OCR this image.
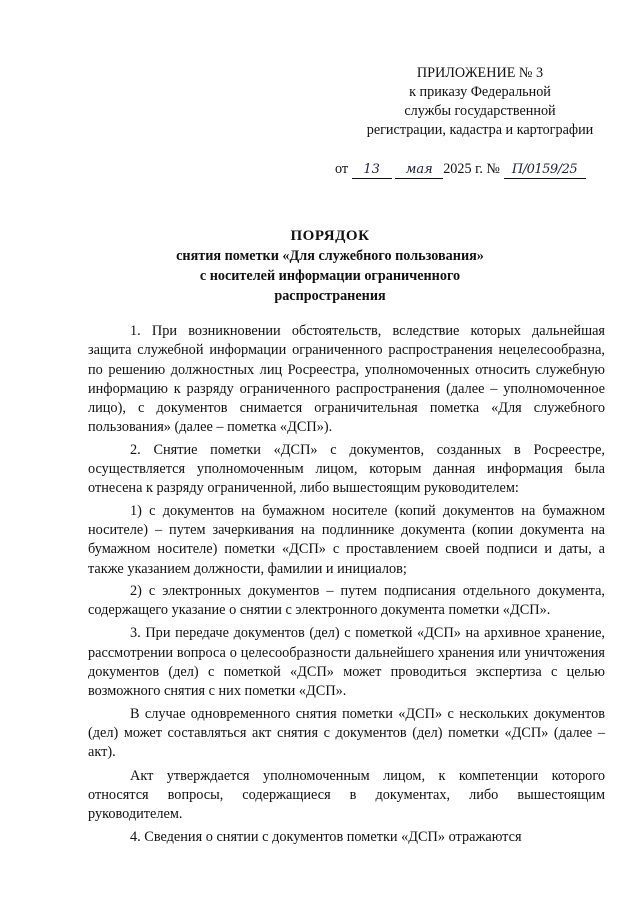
ПРИЛОЖЕНИЕ № 3
к приказу Федеральной
службы государственной
регистрации, кадастра и картографии
от 13 мая 2025 г. № П/0159/25
ПОРЯДОК
снятия пометки «Для служебного пользования»
с носителей информации ограниченного
распространения

1. При возникновении обстоятельств, вследствие которых дальнейшая защита служебной информации ограниченного распространения нецелесообразна, по решению должностных лиц Росреестра, уполномоченных относить служебную информацию к разряду ограниченного распространения (далее – уполномоченное лицо), с документов снимается ограничительная пометка «Для служебного пользования» (далее – пометка «ДСП»).

2. Снятие пометки «ДСП» с документов, созданных в Росреестре, осуществляется уполномоченным лицом, которым данная информация была отнесена к разряду ограниченной, либо вышестоящим руководителем:

1) с документов на бумажном носителе (копий документов на бумажном носителе) – путем зачеркивания на подлиннике документа (копии документа на бумажном носителе) пометки «ДСП» с проставлением своей подписи и даты, а также указанием должности, фамилии и инициалов;

2) с электронных документов – путем подписания отдельного документа, содержащего указание о снятии с электронного документа пометки «ДСП».

3. При передаче документов (дел) с пометкой «ДСП» на архивное хранение, рассмотрении вопроса о целесообразности дальнейшего хранения или уничтожения документов (дел) с пометкой «ДСП» может проводиться экспертиза с целью возможного снятия с них пометки «ДСП».

В случае одновременного снятия пометки «ДСП» с нескольких документов (дел) может составляться акт снятия с документов (дел) пометки «ДСП» (далее – акт).

Акт утверждается уполномоченным лицом, к компетенции которого относятся вопросы, содержащиеся в документах, либо вышестоящим руководителем.

4. Сведения о снятии с документов пометки «ДСП» отражаются
